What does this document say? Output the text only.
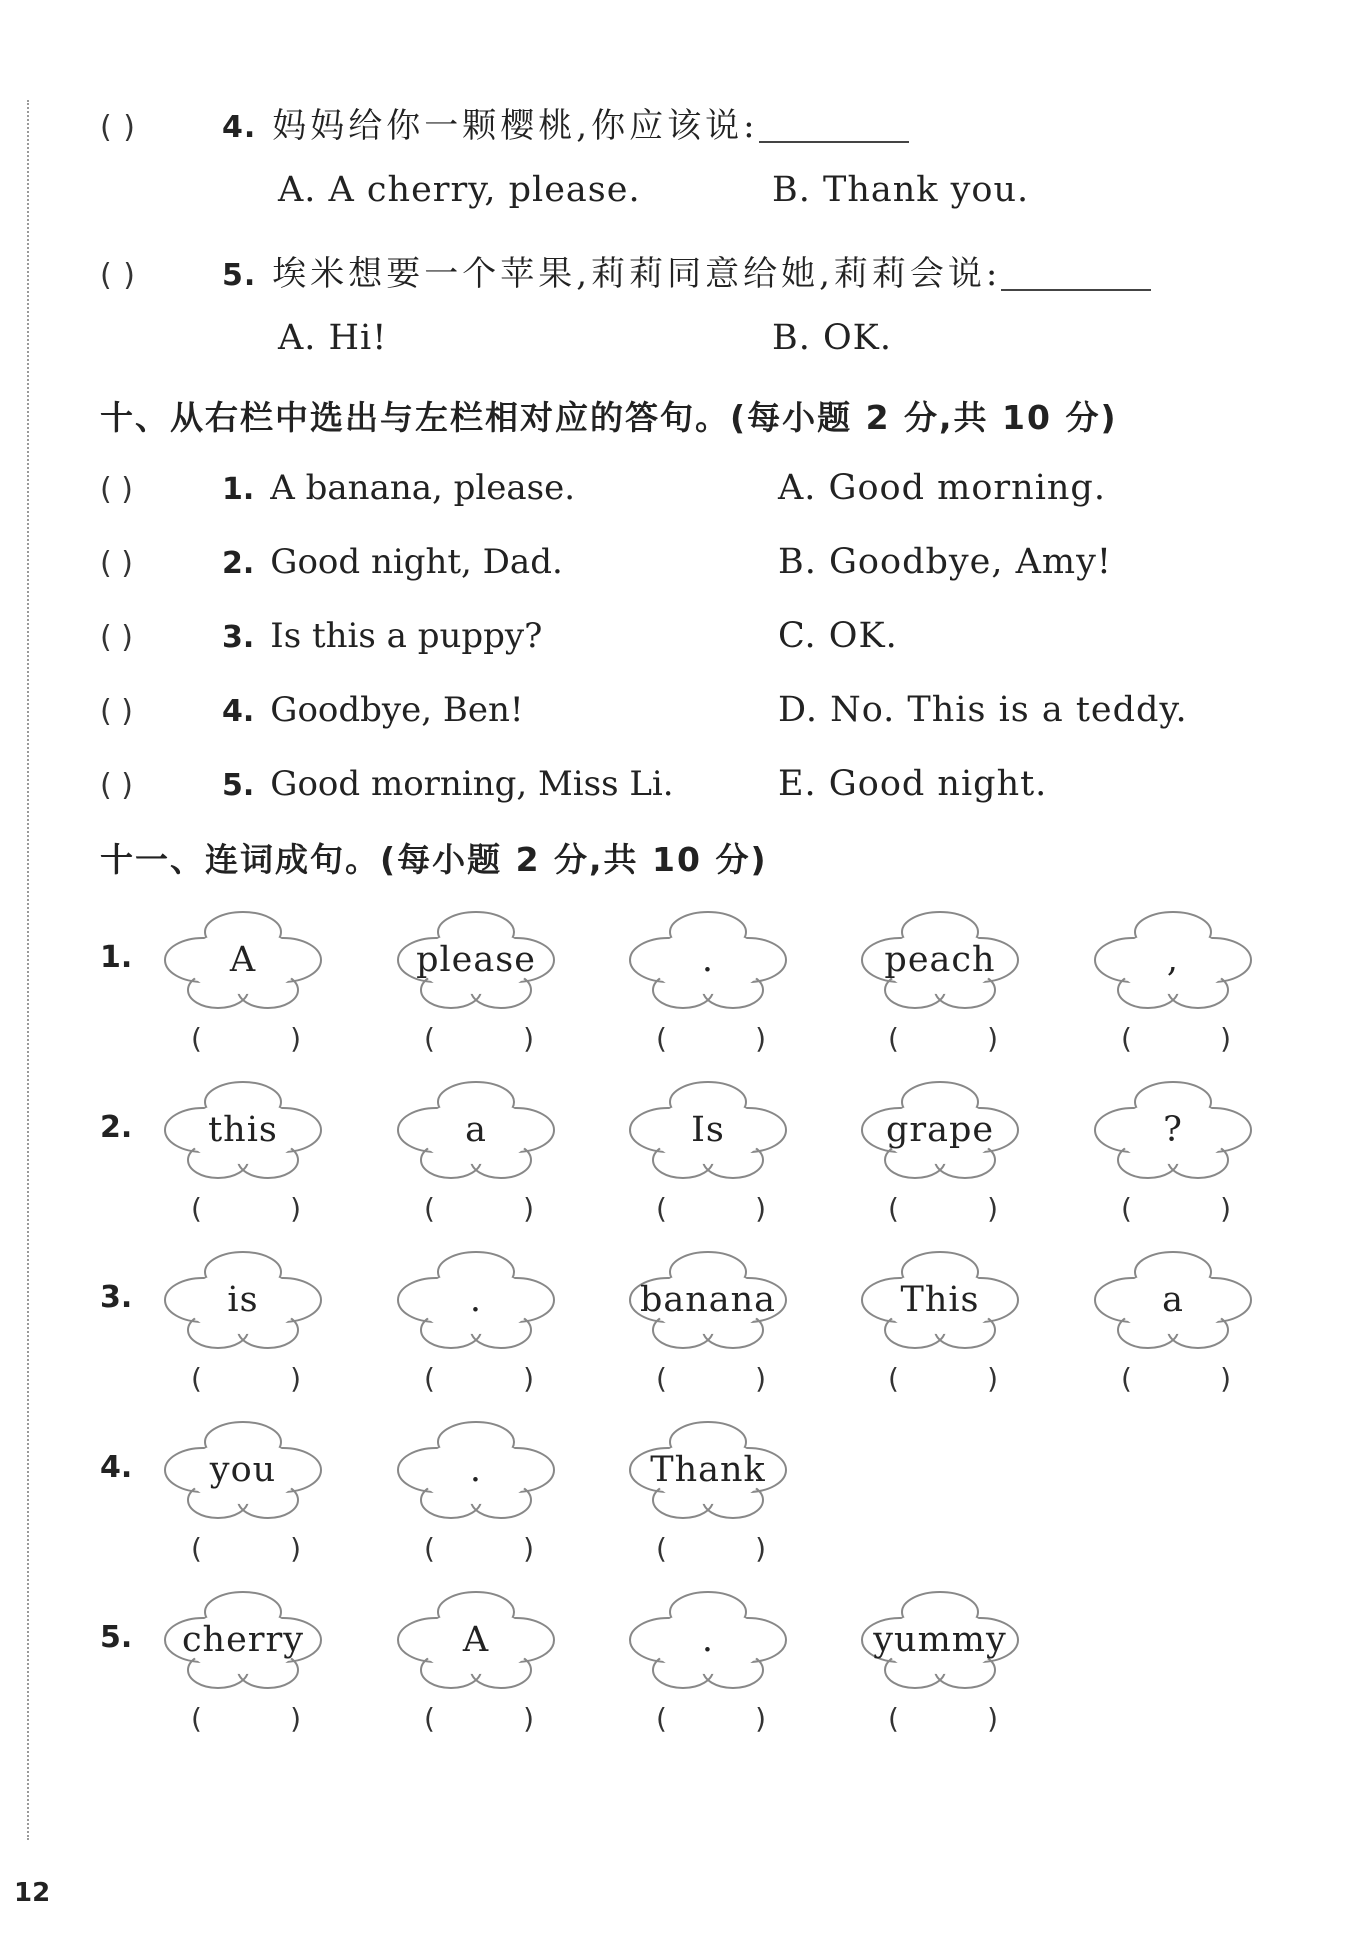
( )	4. 妈妈给你一颗樱桃,你应该说:
A. A cherry, please.	B. Thank you.
( )	5. 埃米想要一个苹果,莉莉同意给她,莉莉会说:
A. Hi!	B. OK.
十、从右栏中选出与左栏相对应的答句。(每小题 2 分,共 10 分)
( )	1. A banana, please.	A. Good morning.
( )	2. Good night, Dad.	B. Goodbye, Amy!
( )	3. Is this a puppy?	C. OK.
( )	4. Goodbye, Ben!	D. No. This is a teddy.
( )	5. Good morning, Miss Li.	E. Good night.
十一、连词成句。(每小题 2 分,共 10 分)
1.	A
(	)
please
(	)
.
(	)
peach
(	)
,
(	)
2.	this
(	)
a
(	)
Is
(	)
grape
(	)
?
(	)
3.	is
(	)
.
(	)
banana
(	)
This
(	)
a
(	)
4.	you
(	)
.
(	)
Thank
(	)
5.	cherry
(	)
A
(	)
.
(	)
yummy
(	)
12
